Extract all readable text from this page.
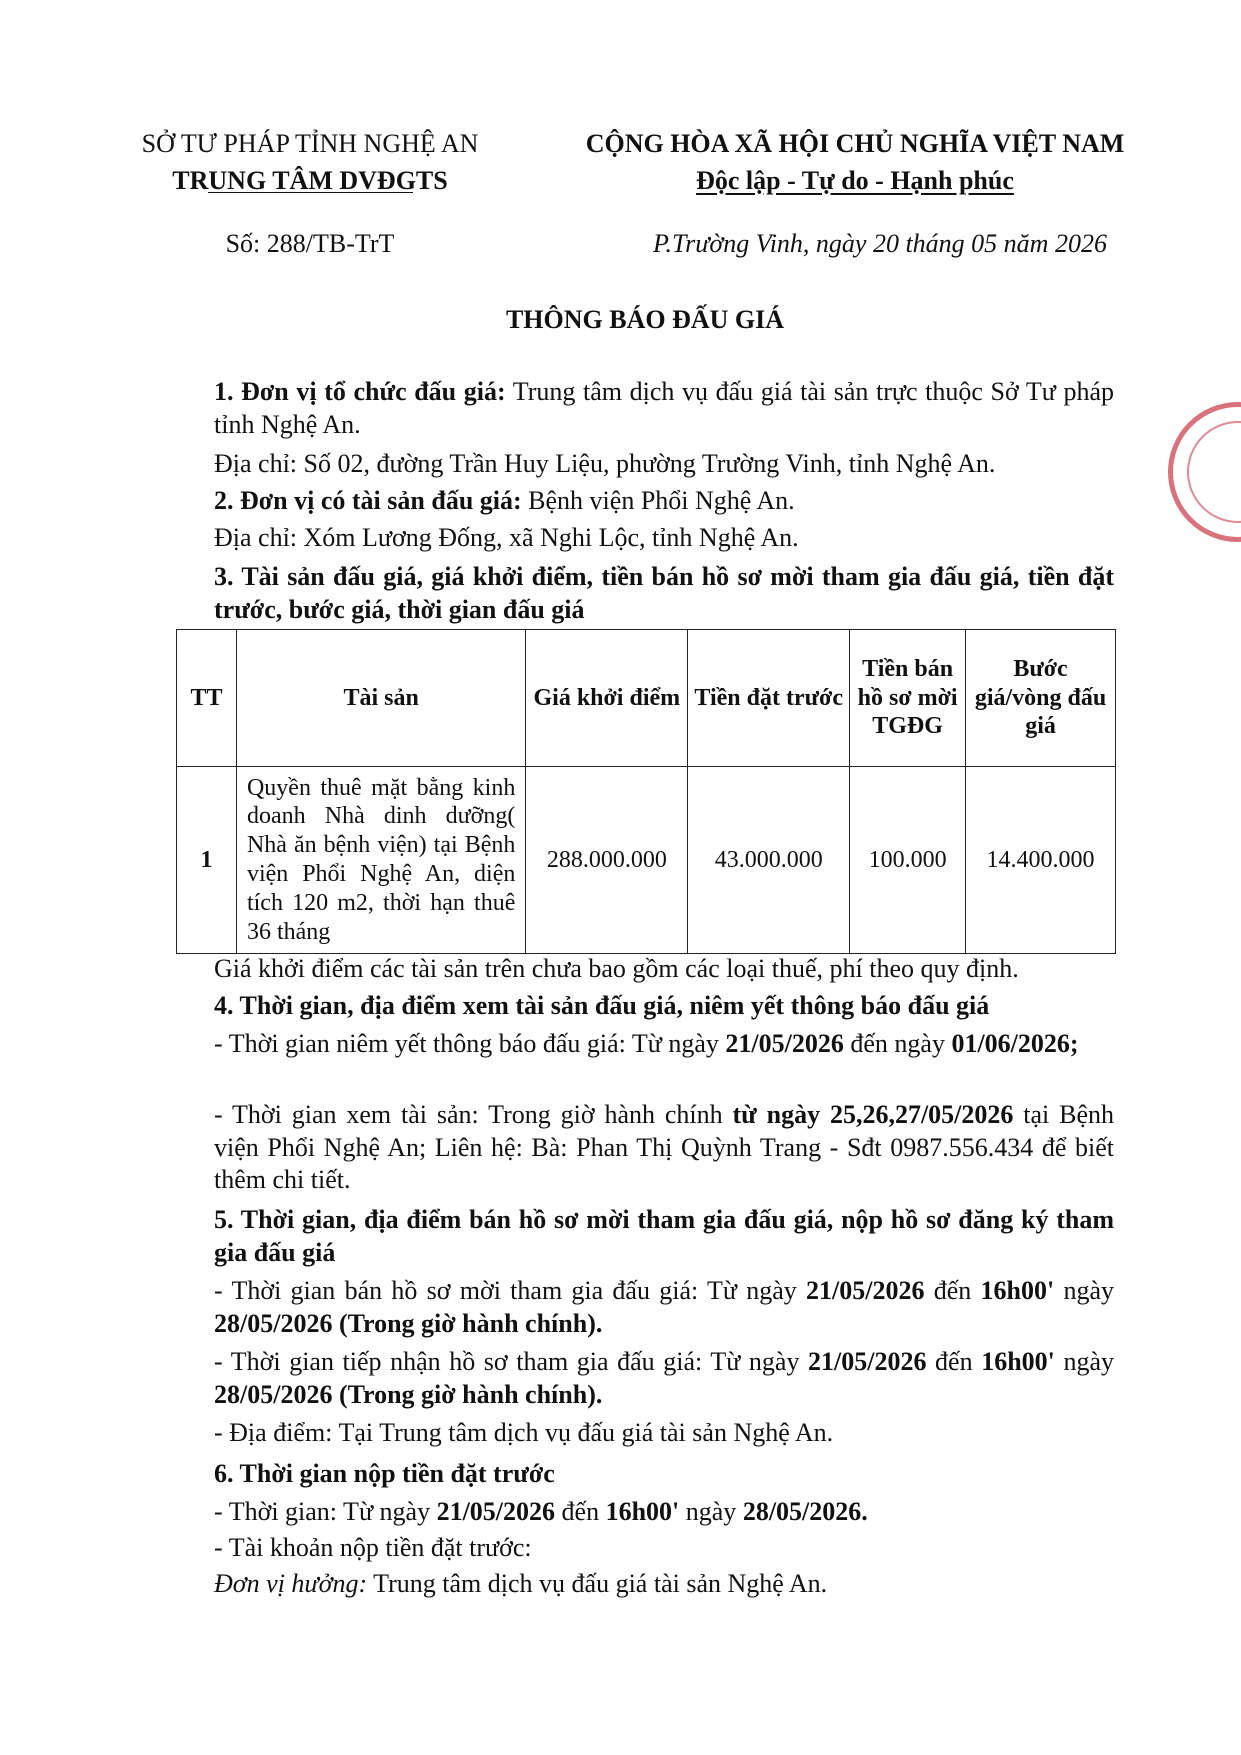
SỞ TƯ PHÁP TỈNH NGHỆ AN
TRUNG TÂM DVĐGTS
CỘNG HÒA XÃ HỘI CHỦ NGHĨA VIỆT NAM
Độc lập - Tự do - Hạnh phúc
Số: 288/TB-TrT	P.Trường Vinh, ngày 20 tháng 05 năm 2026
THÔNG BÁO ĐẤU GIÁ
1. Đơn vị tổ chức đấu giá: Trung tâm dịch vụ đấu giá tài sản trực thuộc Sở Tư pháp tỉnh Nghệ An.
Địa chỉ: Số 02, đường Trần Huy Liệu, phường Trường Vinh, tỉnh Nghệ An.
2. Đơn vị có tài sản đấu giá: Bệnh viện Phổi Nghệ An.
Địa chỉ: Xóm Lương Đống, xã Nghi Lộc, tỉnh Nghệ An.
3. Tài sản đấu giá, giá khởi điểm, tiền bán hồ sơ mời tham gia đấu giá, tiền đặt trước, bước giá, thời gian đấu giá
TT	Tài sản	Giá khởi điểm	Tiền đặt trước	Tiền bán hồ sơ mời TGĐG	Bước giá/vòng đấu giá
1	Quyền thuê mặt bằng kinh doanh Nhà dinh dưỡng( Nhà ăn bệnh viện) tại Bệnh viện Phổi Nghệ An, diện tích 120 m2, thời hạn thuê 36 tháng	288.000.000	43.000.000	100.000	14.400.000
Giá khởi điểm các tài sản trên chưa bao gồm các loại thuế, phí theo quy định.
4. Thời gian, địa điểm xem tài sản đấu giá, niêm yết thông báo đấu giá
- Thời gian niêm yết thông báo đấu giá: Từ ngày 21/05/2026 đến ngày 01/06/2026;
- Thời gian xem tài sản: Trong giờ hành chính từ ngày 25,26,27/05/2026 tại Bệnh viện Phổi Nghệ An; Liên hệ: Bà: Phan Thị Quỳnh Trang - Sđt 0987.556.434 để biết thêm chi tiết.
5. Thời gian, địa điểm bán hồ sơ mời tham gia đấu giá, nộp hồ sơ đăng ký tham gia đấu giá
- Thời gian bán hồ sơ mời tham gia đấu giá: Từ ngày 21/05/2026 đến 16h00' ngày 28/05/2026 (Trong giờ hành chính).
- Thời gian tiếp nhận hồ sơ tham gia đấu giá: Từ ngày 21/05/2026 đến 16h00' ngày 28/05/2026 (Trong giờ hành chính).
- Địa điểm: Tại Trung tâm dịch vụ đấu giá tài sản Nghệ An.
6. Thời gian nộp tiền đặt trước
- Thời gian: Từ ngày 21/05/2026 đến 16h00' ngày 28/05/2026.
- Tài khoản nộp tiền đặt trước:
Đơn vị hưởng: Trung tâm dịch vụ đấu giá tài sản Nghệ An.
